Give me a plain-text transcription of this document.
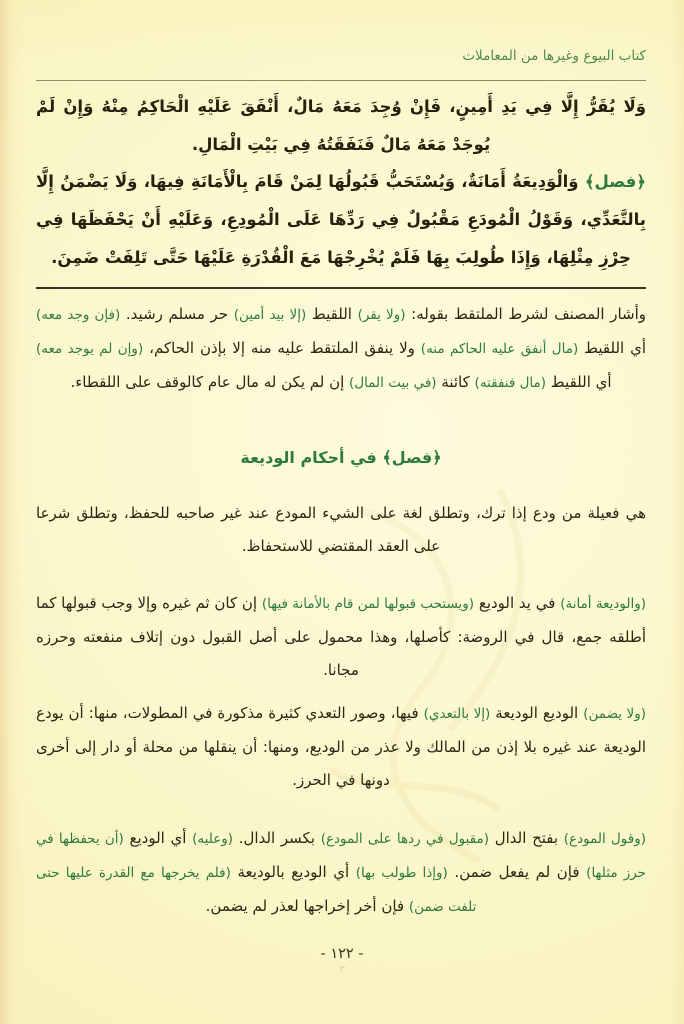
كتاب البيوع وغيرها من المعاملات
وَلَا يُقَرُّ إِلَّا فِي يَدِ أَمِينٍ، فَإِنْ وُجِدَ مَعَهُ مَالٌ، أَنْفَقَ عَلَيْهِ الْحَاكِمُ مِنْهُ وَإِنْ لَمْ يُوجَدْ مَعَهُ مَالٌ فَنَفَقَتُهُ فِي بَيْتِ الْمَالِ.
﴿فصل﴾ وَالْوَدِيعَةُ أَمَانَةٌ، وَيُسْتَحَبُّ قَبُولُهَا لِمَنْ قَامَ بِالْأَمَانَةِ فِيهَا، وَلَا يَضْمَنُ إِلَّا بِالتَّعَدِّي، وَقَوْلُ الْمُودَعِ مَقْبُولٌ فِي رَدِّهَا عَلَى الْمُودِعِ، وَعَلَيْهِ أَنْ يَحْفَظَهَا فِي حِرْزِ مِثْلِهَا، وَإِذَا طُولِبَ بِهَا فَلَمْ يُخْرِجْهَا مَعَ الْقُدْرَةِ عَلَيْهَا حَتَّى تَلِفَتْ ضَمِنَ.
وأشار المصنف لشرط الملتقط بقوله: (ولا يقر) اللقيط (إلا بيد أمين) حر مسلم رشيد. (فإن وجد معه) أي اللقيط (مال أنفق عليه الحاكم منه) ولا ينفق الملتقط عليه منه إلا بإذن الحاكم، (وإن لم يوجد معه) أي اللقيط (مال فنفقته) كائنة (في بيت المال) إن لم يكن له مال عام كالوقف على اللقطاء.
﴿فصل﴾ في أحكام الوديعة
هي فعيلة من ودع إذا ترك، وتطلق لغة على الشيء المودع عند غير صاحبه للحفظ، وتطلق شرعا على العقد المقتضي للاستحفاظ.
(والوديعة أمانة) في يد الوديع (ويستحب قبولها لمن قام بالأمانة فيها) إن كان ثم غيره وإلا وجب قبولها كما أطلقه جمع، قال في الروضة: كأصلها، وهذا محمول على أصل القبول دون إتلاف منفعته وحرزه مجانا.
(ولا يضمن) الوديع الوديعة (إلا بالتعدي) فيها، وصور التعدي كثيرة مذكورة في المطولات، منها: أن يودع الوديعة عند غيره بلا إذن من المالك ولا عذر من الوديع، ومنها: أن ينقلها من محلة أو دار إلى أخرى دونها في الحرز.
(وقول المودع) بفتح الدال (مقبول في ردها على المودع) بكسر الدال. (وعليه) أي الوديع (أن يحفظها في حرز مثلها) فإن لم يفعل ضمن. (وإذا طولب بها) أي الوديع بالوديعة (فلم يخرجها مع القدرة عليها حتى تلفت ضمن) فإن أخر إخراجها لعذر لم يضمن.
- ١٢٢ -
٣
